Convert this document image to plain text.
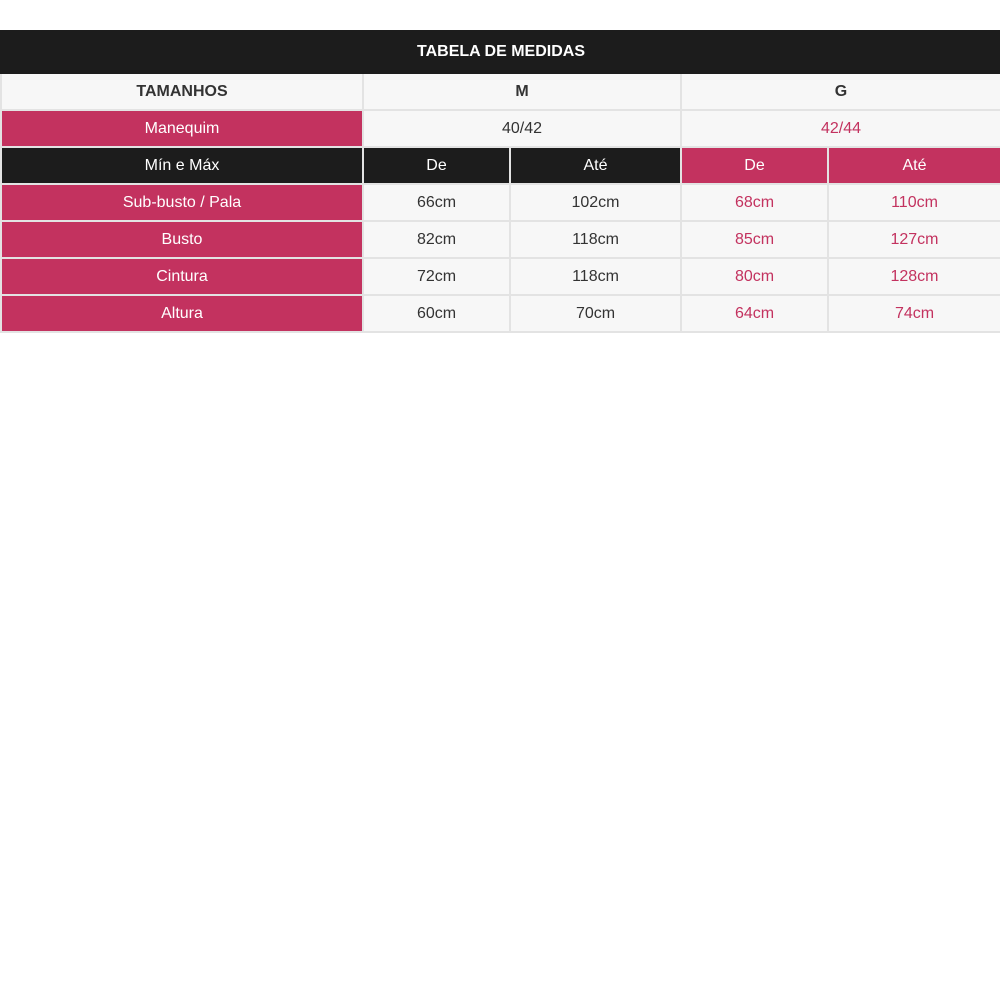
TABELA DE MEDIDAS				
TAMANHOS	M		G	
Manequim	40/42		42/44	
Mín e Máx	De	Até	De	Até
Sub-busto / Pala	66cm	102cm	68cm	110cm
Busto	82cm	118cm	85cm	127cm
Cintura	72cm	118cm	80cm	128cm
Altura	60cm	70cm	64cm	74cm
